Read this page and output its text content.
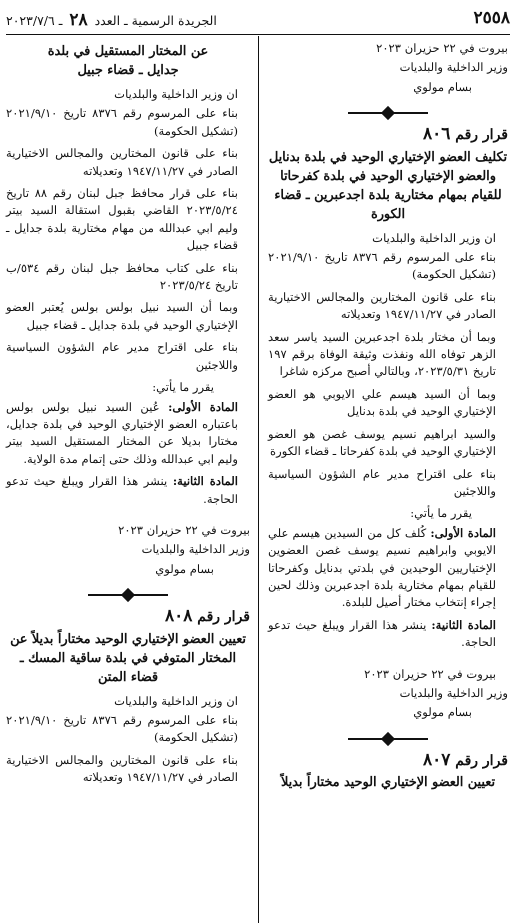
٢٥٥٨
الجريدة الرسمية ـ العدد ٢٨ ـ ٢٠٢٣/٧/٦

بيروت في ٢٢ حزيران ٢٠٢٣

وزير الداخلية والبلديات

بسام مولوي

قرار رقم ٨٠٦

تكليف العضو الإختياري الوحيد في بلدة بدنايل والعضو الإختياري الوحيد في بلدة كفرحاتا للقيام بمهام مختارية بلدة اجدعبرين ـ قضاء الكورة

ان وزير الداخلية والبلديات

بناء على المرسوم رقم ٨٣٧٦ تاريخ ٢٠٢١/٩/١٠ (تشكيل الحكومة)

بناء على قانون المختارين والمجالس الاختيارية الصادر في ١٩٤٧/١١/٢٧ وتعديلاته

وبما أن مختار بلدة اجدعبرين السيد ياسر سعد الزهر توفاه الله ونفذت وثيقة الوفاة برقم ١٩٧ تاريخ ٢٠٢٣/٥/٣١، وبالتالي أصبح مركزه شاغرا

وبما أن السيد هيسم علي الايوبي هو العضو الإختياري الوحيد في بلدة بدنايل

والسيد ابراهيم نسيم يوسف غصن هو العضو الإختياري الوحيد في بلدة كفرحاتا ـ قضاء الكورة

بناء على اقتراح مدير عام الشؤون السياسية واللاجئين

يقرر ما يأتي:

المادة الأولى: كُلف كل من السيدين هيسم علي الايوبي وابراهيم نسيم يوسف غصن العضوين الإختياريين الوحيدين في بلدتي بدنايل وكفرحاتا للقيام بمهام مختارية بلدة اجدعبرين وذلك لحين إجراء إنتخاب مختار أصيل للبلدة.

المادة الثانية: ينشر هذا القرار ويبلغ حيث تدعو الحاجة.

بيروت في ٢٢ حزيران ٢٠٢٣

وزير الداخلية والبلديات

بسام مولوي

قرار رقم ٨٠٧

تعيين العضو الإختياري الوحيد مختاراً بديلاً

عن المختار المستقيل في بلدة جدايل ـ قضاء جبيل

ان وزير الداخلية والبلديات

بناء على المرسوم رقم ٨٣٧٦ تاريخ ٢٠٢١/٩/١٠ (تشكيل الحكومة)

بناء على قانون المختارين والمجالس الاختيارية الصادر في ١٩٤٧/١١/٢٧ وتعديلاته

بناء على قرار محافظ جبل لبنان رقم ٨٨ تاريخ ٢٠٢٣/٥/٢٤ القاضي بقبول استقالة السيد بيتر وليم ابي عبدالله من مهام مختارية بلدة جدايل ـ قضاء جبيل

بناء على كتاب محافظ جبل لبنان رقم ٥٣٤/ب تاريخ ٢٠٢٣/٥/٢٤

وبما أن السيد نبيل بولس بولس يُعتبر العضو الإختياري الوحيد في بلدة جدايل ـ قضاء جبيل

بناء على اقتراح مدير عام الشؤون السياسية واللاجئين

يقرر ما يأتي:

المادة الأولى: عُين السيد نبيل بولس بولس باعتباره العضو الإختياري الوحيد في بلدة جدايل، مختارا بديلا عن المختار المستقيل السيد بيتر وليم ابي عبدالله وذلك حتى إتمام مدة الولاية.

المادة الثانية: ينشر هذا القرار ويبلغ حيث تدعو الحاجة.

بيروت في ٢٢ حزيران ٢٠٢٣

وزير الداخلية والبلديات

بسام مولوي

قرار رقم ٨٠٨

تعيين العضو الإختياري الوحيد مختاراً بديلاً عن المختار المتوفي في بلدة ساقية المسك ـ قضاء المتن

ان وزير الداخلية والبلديات

بناء على المرسوم رقم ٨٣٧٦ تاريخ ٢٠٢١/٩/١٠ (تشكيل الحكومة)

بناء على قانون المختارين والمجالس الاختيارية الصادر في ١٩٤٧/١١/٢٧ وتعديلاته
